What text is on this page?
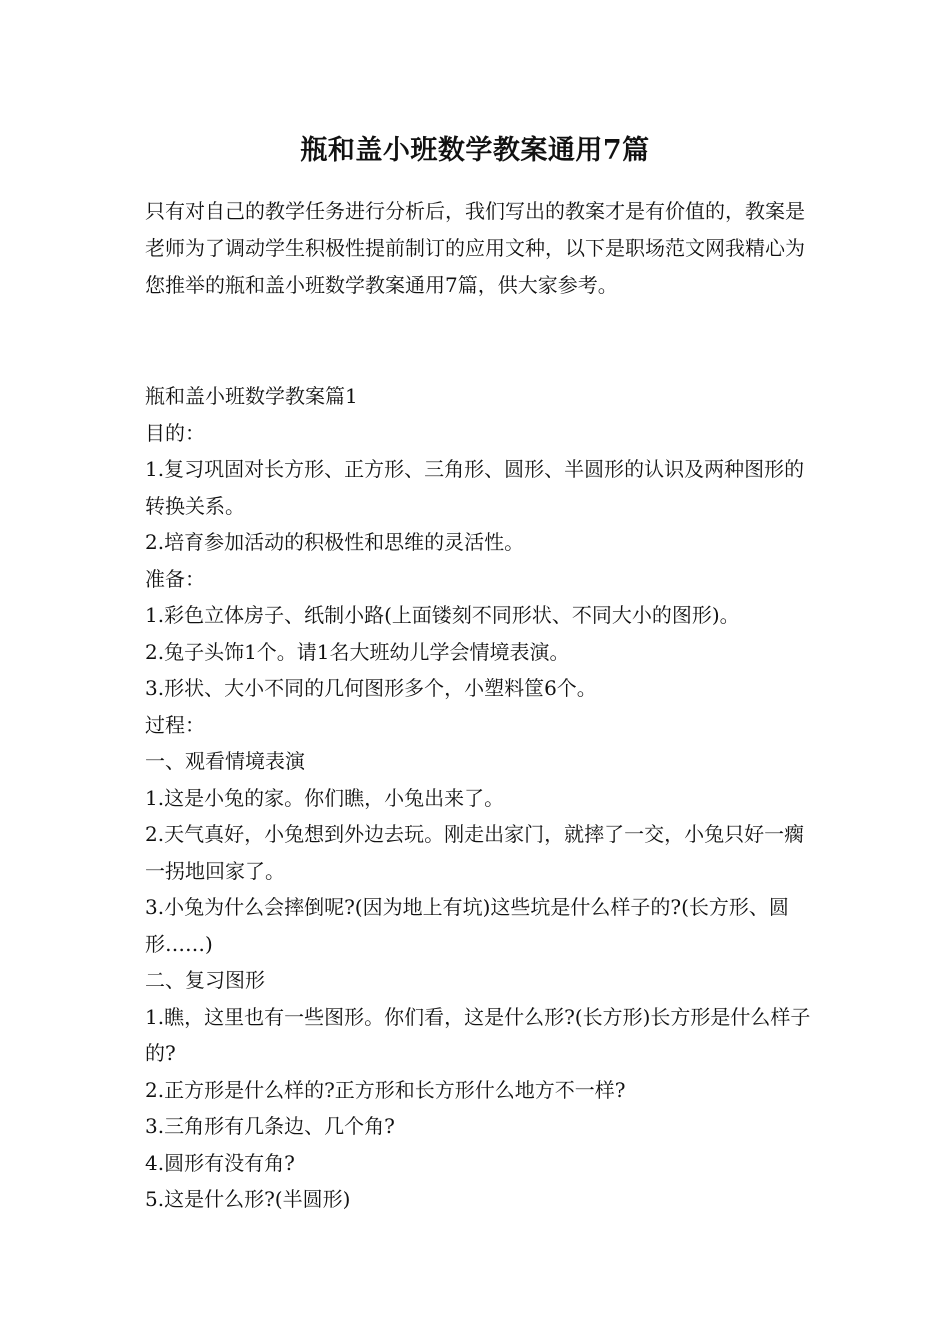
瓶和盖小班数学教案通用7篇

只有对自己的教学任务进行分析后，我们写出的教案才是有价值的，教案是老师为了调动学生积极性提前制订的应用文种，以下是职场范文网我精心为您推举的瓶和盖小班数学教案通用7篇，供大家参考。

瓶和盖小班数学教案篇1

目的：

1.复习巩固对长方形、正方形、三角形、圆形、半圆形的认识及两种图形的转换关系。

2.培育参加活动的积极性和思维的灵活性。

准备：

1.彩色立体房子、纸制小路(上面镂刻不同形状、不同大小的图形)。

2.兔子头饰1个。请1名大班幼儿学会情境表演。

3.形状、大小不同的几何图形多个，小塑料筐6个。

过程：

一、观看情境表演

1.这是小兔的家。你们瞧，小兔出来了。

2.天气真好，小兔想到外边去玩。刚走出家门，就摔了一交，小兔只好一瘸一拐地回家了。

3.小兔为什么会摔倒呢?(因为地上有坑)这些坑是什么样子的?(长方形、圆形……)

二、复习图形

1.瞧，这里也有一些图形。你们看，这是什么形?(长方形)长方形是什么样子的?

2.正方形是什么样的?正方形和长方形什么地方不一样?

3.三角形有几条边、几个角?

4.圆形有没有角?

5.这是什么形?(半圆形)
